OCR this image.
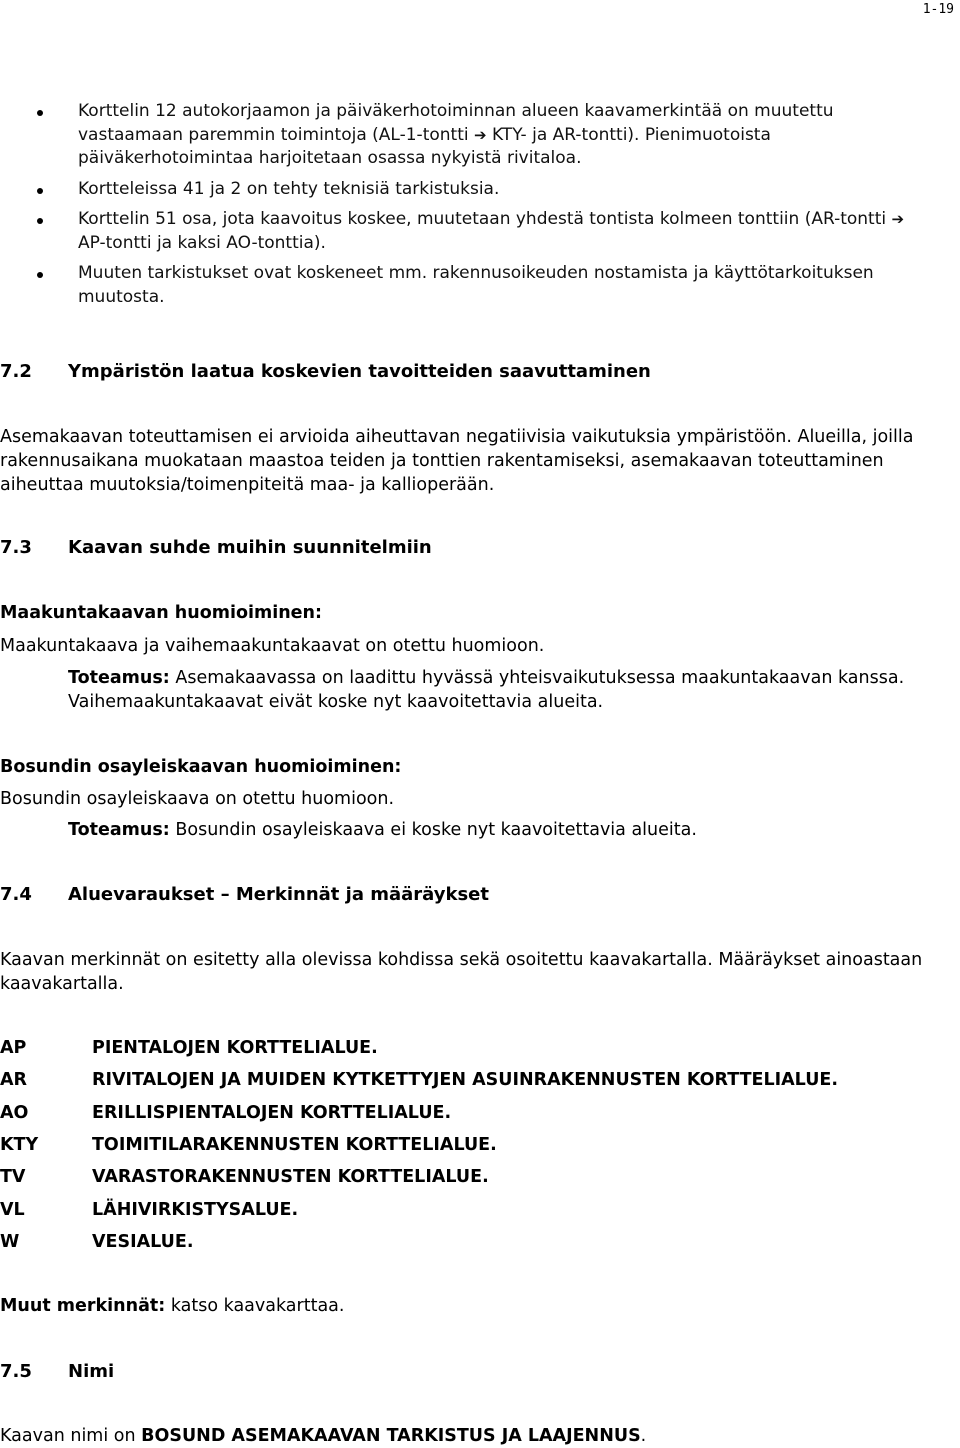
1-19
Korttelin 12 autokorjaamon ja päiväkerhotoiminnan alueen kaavamerkintää on muutettu vastaamaan paremmin toimintoja (AL-1-tontti ➔ KTY- ja AR-tontti). Pienimuotoista päiväkerhotoimintaa harjoitetaan osassa nykyistä rivitaloa.
Kortteleissa 41 ja 2 on tehty teknisiä tarkistuksia.
Korttelin 51 osa, jota kaavoitus koskee, muutetaan yhdestä tontista kolmeen tonttiin (AR-tontti ➔ AP-tontti ja kaksi AO-tonttia).
Muuten tarkistukset ovat koskeneet mm. rakennusoikeuden nostamista ja käyttötarkoituksen muutosta.
7.2 Ympäristön laatua koskevien tavoitteiden saavuttaminen
Asemakaavan toteuttamisen ei arvioida aiheuttavan negatiivisia vaikutuksia ympäristöön. Alueilla, joilla rakennusaikana muokataan maastoa teiden ja tonttien rakentamiseksi, asemakaavan toteuttaminen aiheuttaa muutoksia/toimenpiteitä maa- ja kallioperään.
7.3 Kaavan suhde muihin suunnitelmiin
Maakuntakaavan huomioiminen:
Maakuntakaava ja vaihemaakuntakaavat on otettu huomioon.
Toteamus: Asemakaavassa on laadittu hyvässä yhteisvaikutuksessa maakuntakaavan kanssa. Vaihemaakuntakaavat eivät koske nyt kaavoitettavia alueita.
Bosundin osayleiskaavan huomioiminen:
Bosundin osayleiskaava on otettu huomioon.
Toteamus: Bosundin osayleiskaava ei koske nyt kaavoitettavia alueita.
7.4 Aluevaraukset – Merkinnät ja määräykset
Kaavan merkinnät on esitetty alla olevissa kohdissa sekä osoitettu kaavakartalla. Määräykset ainoastaan kaavakartalla.
AP	PIENTALOJEN KORTTELIALUE.
AR	RIVITALOJEN JA MUIDEN KYTKETTYJEN ASUINRAKENNUSTEN KORTTELIALUE.
AO	ERILLISPIENTALOJEN KORTTELIALUE.
KTY	TOIMITILARAKENNUSTEN KORTTELIALUE.
TV	VARASTORAKENNUSTEN KORTTELIALUE.
VL	LÄHIVIRKISTYSALUE.
W	VESIALUE.
Muut merkinnät: katso kaavakarttaa.
7.5 Nimi
Kaavan nimi on BOSUND ASEMAKAAVAN TARKISTUS JA LAAJENNUS.
